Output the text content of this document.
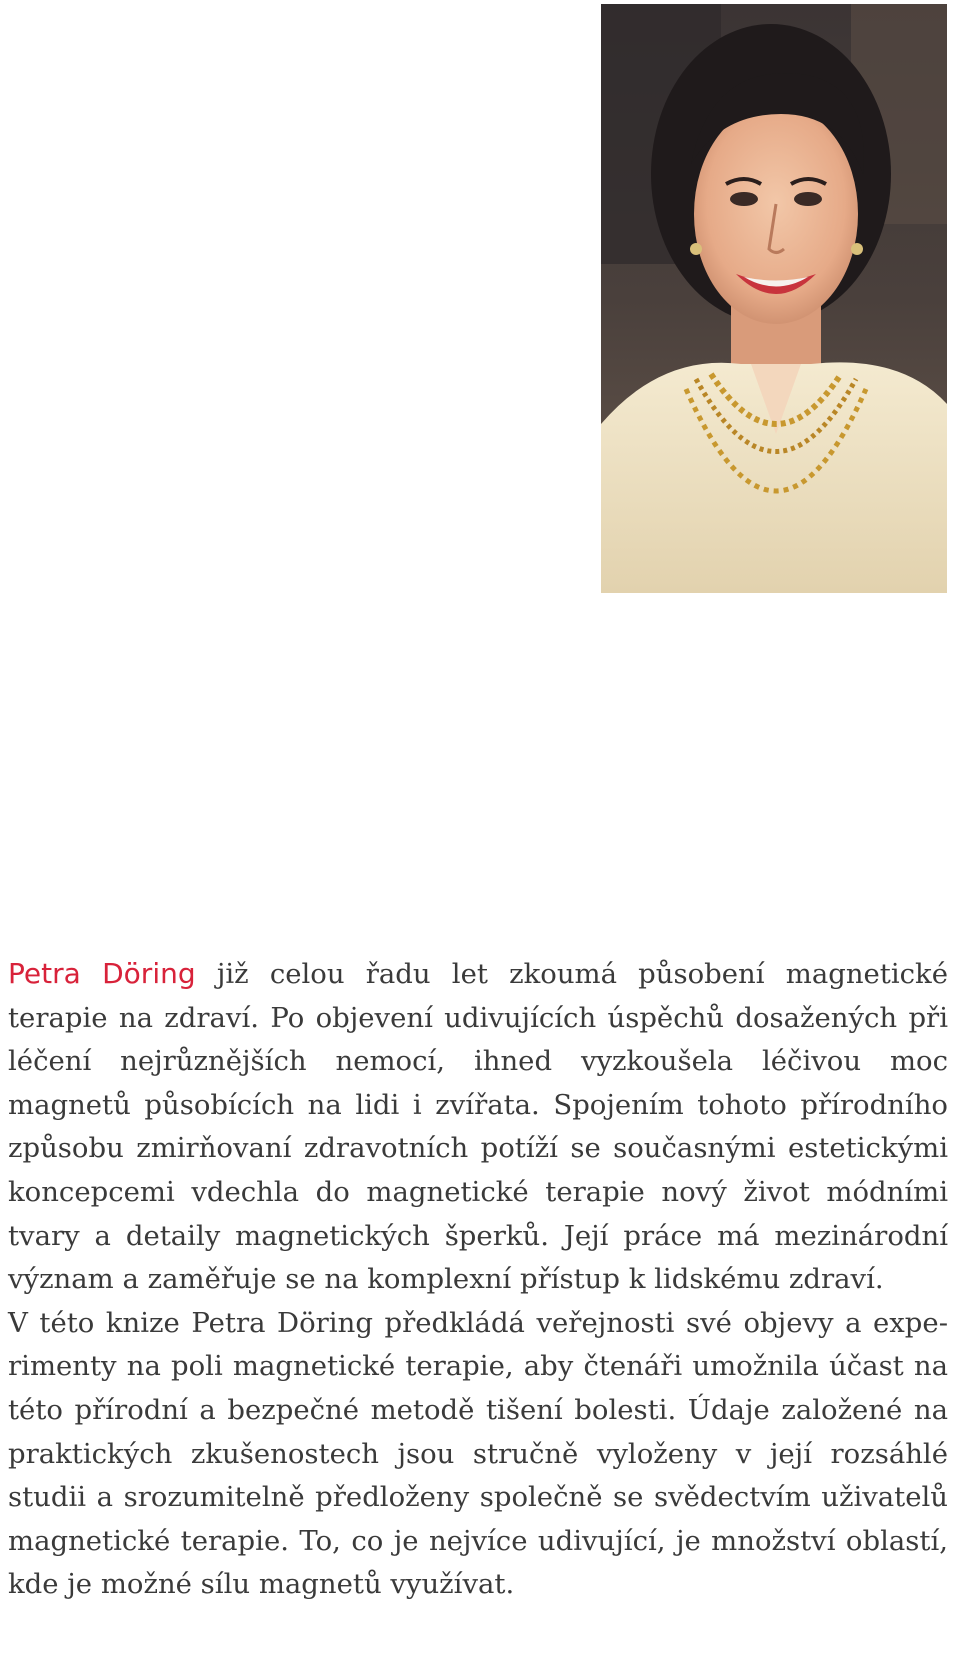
Petra Döring již celou řadu let zkoumá působení magnetické terapie na zdraví. Po objevení udivujících úspěchů dosažených při léčení nejrůznějších nemocí, ihned vyzkoušela léčivou moc magnetů působících na lidi i zvířata. Spojením tohoto přírodního způsobu zmirňovaní zdravotních potíží se současnými estetickými koncepcemi vdechla do magnetické terapie nový život módními tvary a detaily magnetických šperků. Její práce má mezinárodní význam a zaměřuje se na komplexní přístup k lidskému zdraví.

V této knize Petra Döring předkládá veřejnosti své objevy a experimenty na poli magnetické terapie, aby čtenáři umožnila účast na této přírodní a bezpečné metodě tišení bolesti. Údaje založené na praktických zkušenostech jsou stručně vyloženy v její rozsáhlé studii a srozumitelně předloženy společně se svědectvím uživatelů magnetické terapie. To, co je nejvíce udivující, je množství oblastí, kde je možné sílu magnetů využívat.
